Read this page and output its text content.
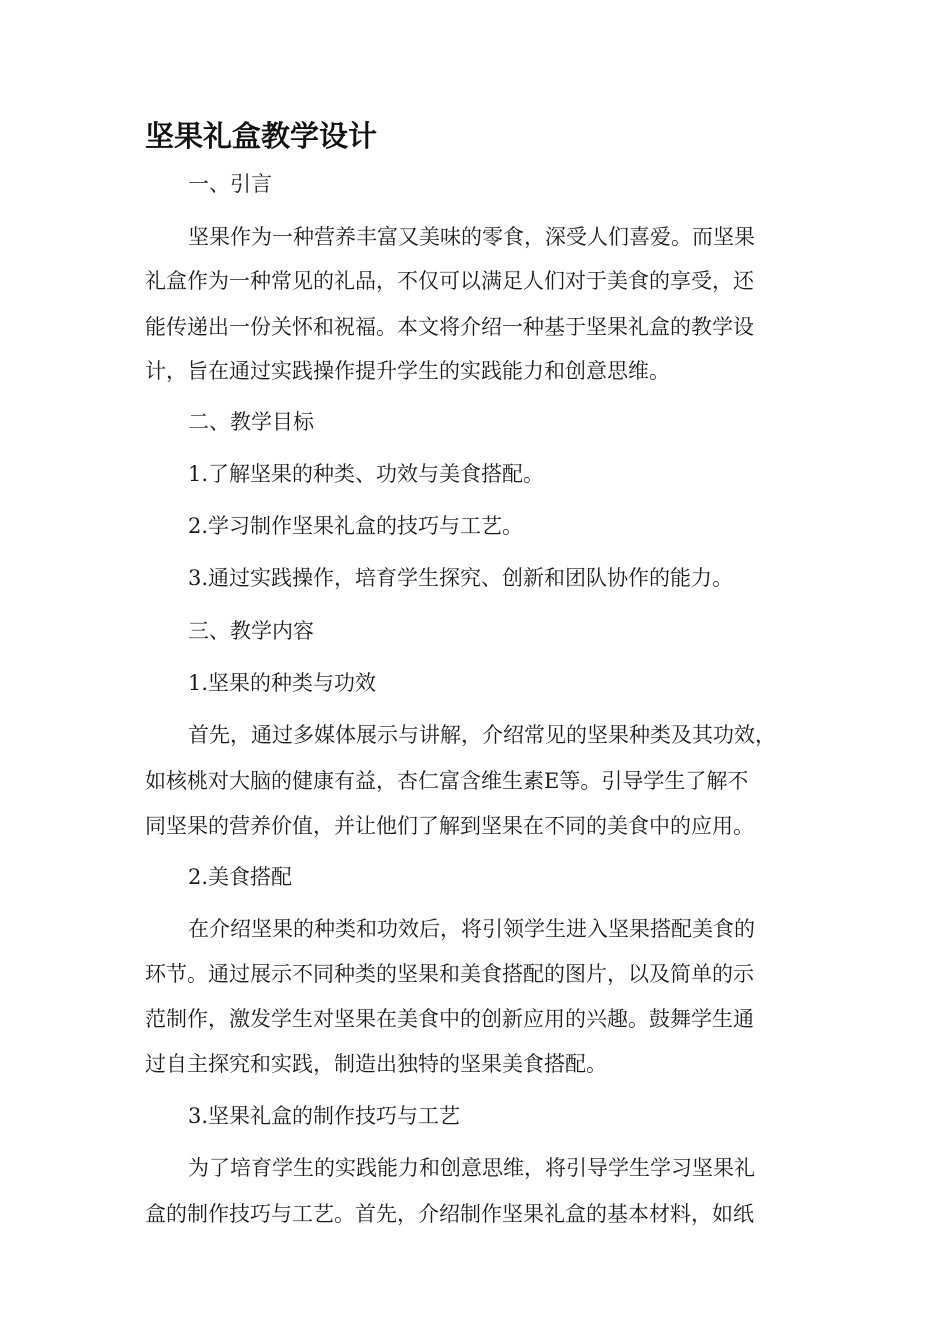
坚果礼盒教学设计

一、引言

坚果作为一种营养丰富又美味的零食，深受人们喜爱。而坚果

礼盒作为一种常见的礼品，不仅可以满足人们对于美食的享受，还

能传递出一份关怀和祝福。本文将介绍一种基于坚果礼盒的教学设

计，旨在通过实践操作提升学生的实践能力和创意思维。

二、教学目标

1.了解坚果的种类、功效与美食搭配。

2.学习制作坚果礼盒的技巧与工艺。

3.通过实践操作，培育学生探究、创新和团队协作的能力。

三、教学内容

1.坚果的种类与功效

首先，通过多媒体展示与讲解，介绍常见的坚果种类及其功效，

如核桃对大脑的健康有益，杏仁富含维生素E等。引导学生了解不

同坚果的营养价值，并让他们了解到坚果在不同的美食中的应用。

2.美食搭配

在介绍坚果的种类和功效后，将引领学生进入坚果搭配美食的

环节。通过展示不同种类的坚果和美食搭配的图片，以及简单的示

范制作，激发学生对坚果在美食中的创新应用的兴趣。鼓舞学生通

过自主探究和实践，制造出独特的坚果美食搭配。

3.坚果礼盒的制作技巧与工艺

为了培育学生的实践能力和创意思维，将引导学生学习坚果礼

盒的制作技巧与工艺。首先，介绍制作坚果礼盒的基本材料，如纸
